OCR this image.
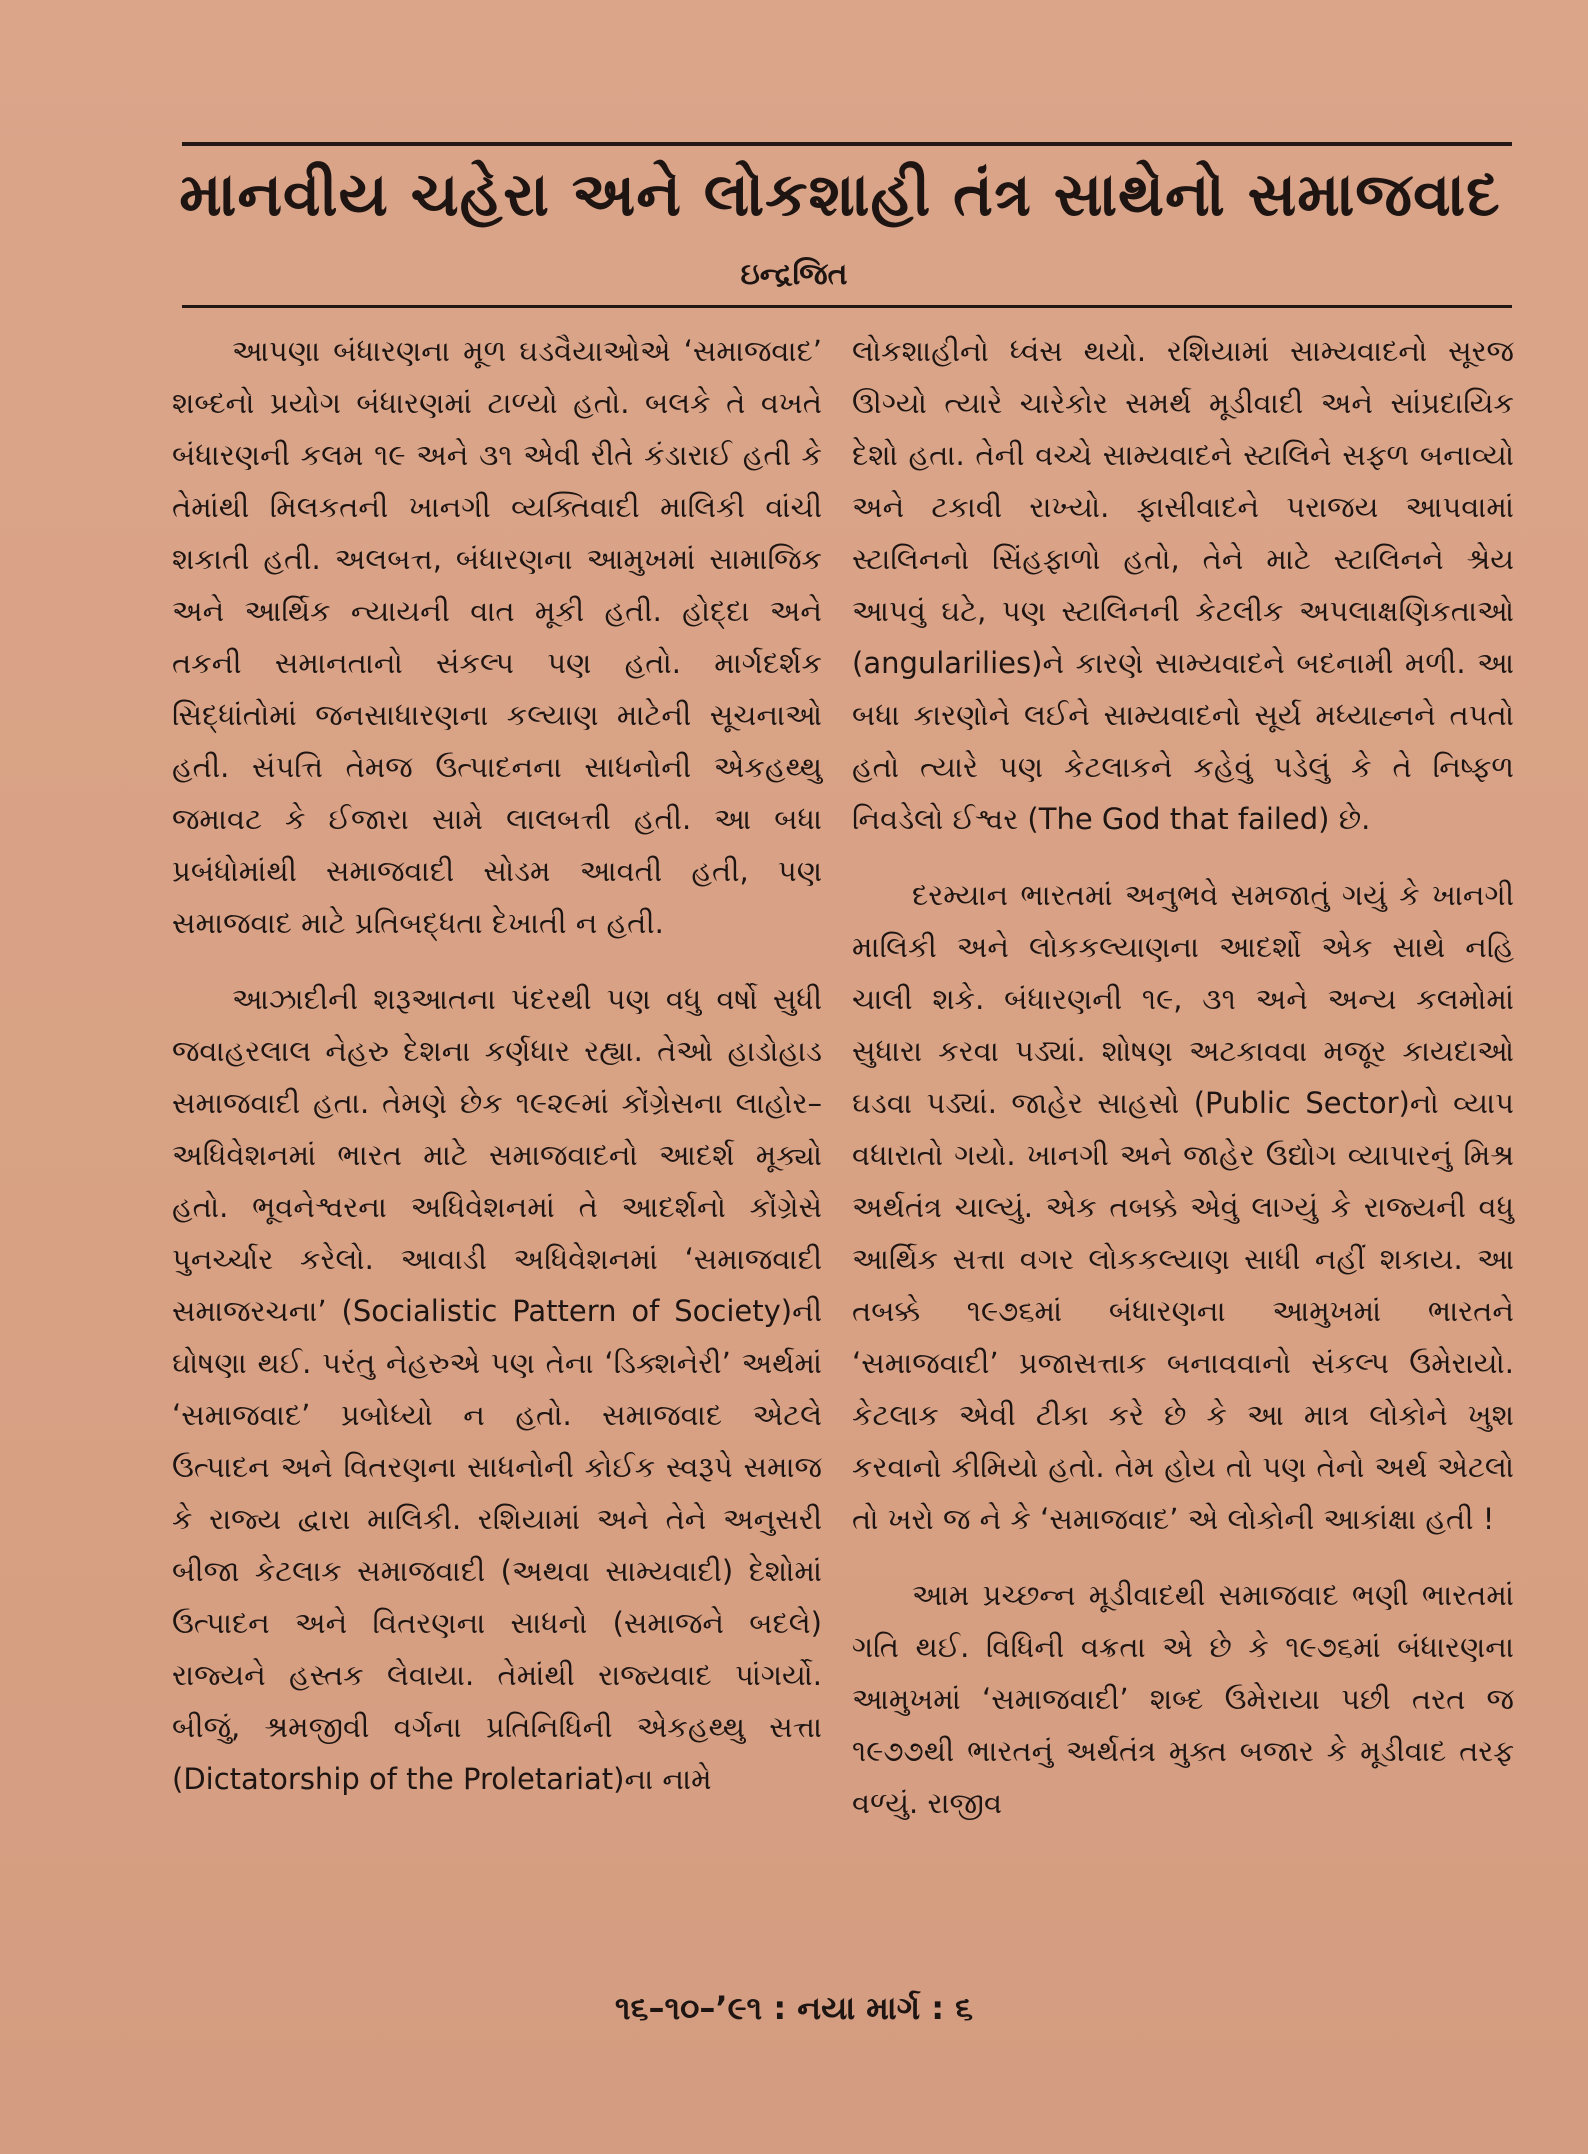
માનવીય ચહેરા અને લોકશાહી તંત્ર સાથેનો સમાજવાદ
ઇન્દ્રજિત

આપણા બંધારણના મૂળ ઘડવૈયાઓએ ‘સમાજવાદ’ શબ્દનો પ્રયોગ બંધારણમાં ટાળ્યો હતો. બલકે તે વખતે બંધારણની કલમ ૧૯ અને ૩૧ એવી રીતે કંડારાઈ હતી કે તેમાંથી મિલકતની ખાનગી વ્યક્તિવાદી માલિકી વાંચી શકાતી હતી. અલબત્ત, બંધારણના આમુખમાં સામાજિક અને આર્થિક ન્યાયની વાત મૂકી હતી. હોદ્દા અને તકની સમાનતાનો સંકલ્પ પણ હતો. માર્ગદર્શક સિદ્ધાંતોમાં જનસાધારણના કલ્યાણ માટેની સૂચનાઓ હતી. સંપત્તિ તેમજ ઉત્પાદનના સાધનોની એકહથ્થુ જમાવટ કે ઈજારા સામે લાલબત્તી હતી. આ બધા પ્રબંધોમાંથી સમાજવાદી સોડમ આવતી હતી, પણ સમાજવાદ માટે પ્રતિબદ્ધતા દેખાતી ન હતી.

આઝાદીની શરૂઆતના પંદરથી પણ વધુ વર્ષો સુધી જવાહરલાલ નેહરુ દેશના કર્ણધાર રહ્યા. તેઓ હાડોહાડ સમાજવાદી હતા. તેમણે છેક ૧૯૨૯માં કોંગ્રેસના લાહોર–અધિવેશનમાં ભારત માટે સમાજવાદનો આદર્શ મૂક્યો હતો. ભૂવનેશ્વરના અધિવેશનમાં તે આદર્શનો કોંગ્રેસે પુનર્ચ્ચાર કરેલો. આવાડી અધિવેશનમાં ‘સમાજવાદી સમાજરચના’ (Socialistic Pattern of Society)ની ઘોષણા થઈ. પરંતુ નેહરુએ પણ તેના ‘ડિક્શનેરી’ અર્થમાં ‘સમાજવાદ’ પ્રબોધ્યો ન હતો. સમાજવાદ એટલે ઉત્પાદન અને વિતરણના સાધનોની કોઈક સ્વરૂપે સમાજ કે રાજ્ય દ્વારા માલિકી. રશિયામાં અને તેને અનુસરી બીજા કેટલાક સમાજવાદી (અથવા સામ્યવાદી) દેશોમાં ઉત્પાદન અને વિતરણના સાધનો (સમાજને બદલે) રાજ્યને હસ્તક લેવાયા. તેમાંથી રાજ્યવાદ પાંગર્યો. બીજું, શ્રમજીવી વર્ગના પ્રતિનિધિની એકહથ્થુ સત્તા (Dictatorship of the Proletariat)ના નામે

લોકશાહીનો ધ્વંસ થયો. રશિયામાં સામ્યવાદનો સૂરજ ઊગ્યો ત્યારે ચારેકોર સમર્થ મૂડીવાદી અને સાંપ્રદાયિક દેશો હતા. તેની વચ્ચે સામ્યવાદને સ્ટાલિને સફળ બનાવ્યો અને ટકાવી રાખ્યો. ફાસીવાદને પરાજય આપવામાં સ્ટાલિનનો સિંહફાળો હતો, તેને માટે સ્ટાલિનને શ્રેય આપવું ઘટે, પણ સ્ટાલિનની કેટલીક અપલાક્ષણિકતાઓ (angularilies)ને કારણે સામ્યવાદને બદનામી મળી. આ બધા કારણોને લઈને સામ્યવાદનો સૂર્ય મધ્યાહ્નને તપતો હતો ત્યારે પણ કેટલાકને કહેવું પડેલું કે તે નિષ્ફળ નિવડેલો ઈશ્વર (The God that failed) છે.

દરમ્યાન ભારતમાં અનુભવે સમજાતું ગયું કે ખાનગી માલિકી અને લોકકલ્યાણના આદર્શો એક સાથે નહિ ચાલી શકે. બંધારણની ૧૯, ૩૧ અને અન્ય કલમોમાં સુધારા કરવા પડ્યાં. શોષણ અટકાવવા મજૂર કાયદાઓ ઘડવા પડ્યાં. જાહેર સાહસો (Public Sector)નો વ્યાપ વધારાતો ગયો. ખાનગી અને જાહેર ઉદ્યોગ વ્યાપારનું મિશ્ર અર્થતંત્ર ચાલ્યું. એક તબક્કે એવું લાગ્યું કે રાજ્યની વધુ આર્થિક સત્તા વગર લોકકલ્યાણ સાધી નહીં શકાય. આ તબક્કે ૧૯૭૬માં બંધારણના આમુખમાં ભારતને ‘સમાજવાદી’ પ્રજાસત્તાક બનાવવાનો સંકલ્પ ઉમેરાયો. કેટલાક એવી ટીકા કરે છે કે આ માત્ર લોકોને ખુશ કરવાનો કીમિયો હતો. તેમ હોય તો પણ તેનો અર્થ એટલો તો ખરો જ ને કે ‘સમાજવાદ’ એ લોકોની આકાંક્ષા હતી !

આમ પ્રચ્છન્ન મૂડીવાદથી સમાજવાદ ભણી ભારતમાં ગતિ થઈ. વિધિની વક્રતા એ છે કે ૧૯૭૬માં બંધારણના આમુખમાં ‘સમાજવાદી’ શબ્દ ઉમેરાયા પછી તરત જ ૧૯૭૭થી ભારતનું અર્થતંત્ર મુક્ત બજાર કે મૂડીવાદ તરફ વળ્યું. રાજીવ

૧૬–૧૦–’૯૧ : નયા માર્ગ : ૬
